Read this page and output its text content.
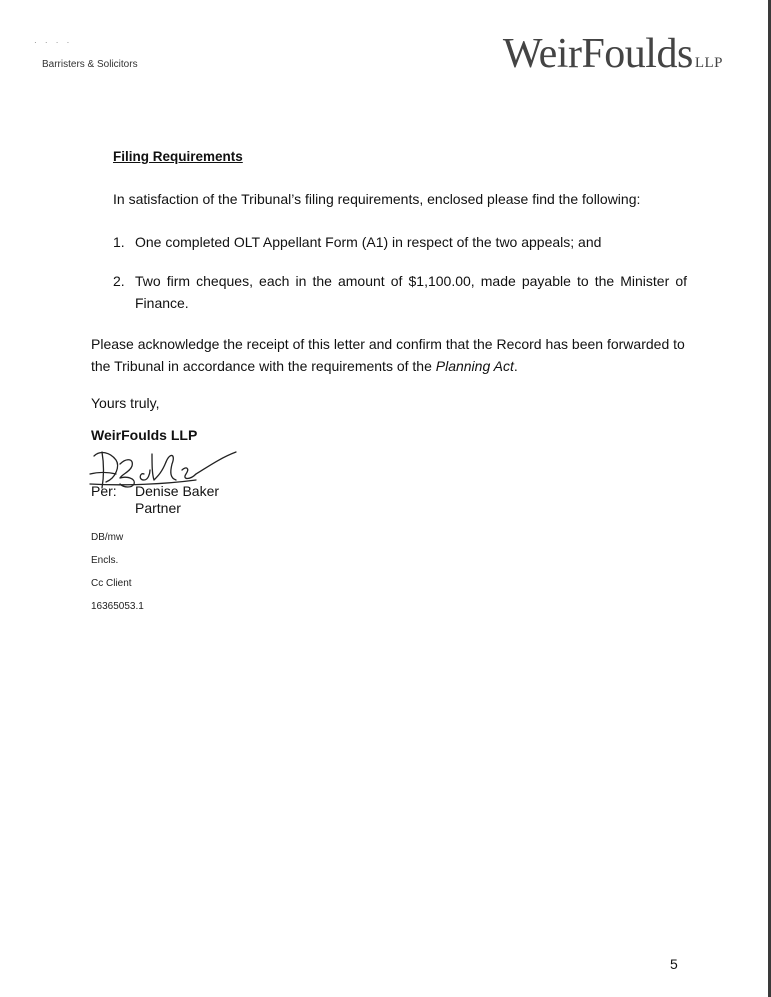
· · · ·
Barristers & Solicitors	WeirFoulds LLP
Filing Requirements
In satisfaction of the Tribunal’s filing requirements, enclosed please find the following:
1. One completed OLT Appellant Form (A1) in respect of the two appeals; and
2. Two firm cheques, each in the amount of $1,100.00, made payable to the Minister of Finance.
Please acknowledge the receipt of this letter and confirm that the Record has been forwarded to the Tribunal in accordance with the requirements of the Planning Act.
Yours truly,
WeirFoulds LLP
Per: Denise Baker
Partner
DB/mw
Encls.
Cc Client
16365053.1
5
